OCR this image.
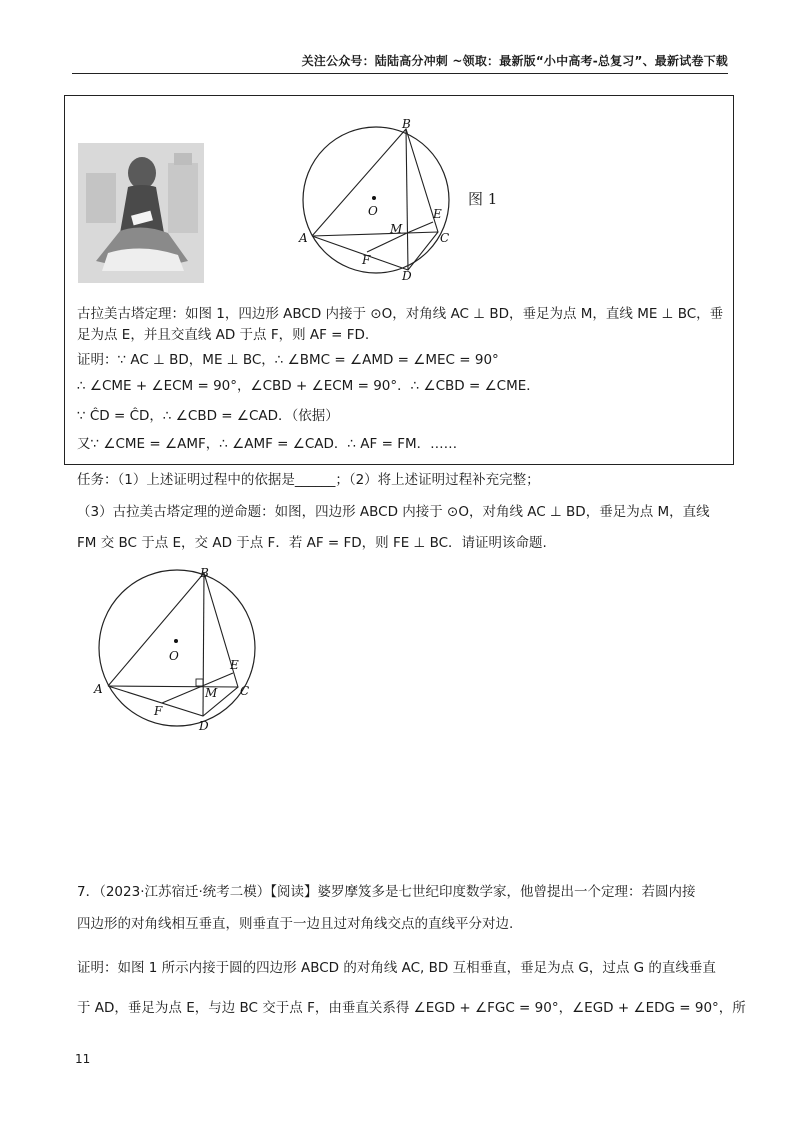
关注公众号：陆陆高分冲刺 ~领取：最新版“小中高考-总复习”、最新试卷下载
B
O	E
M
A	C
F
D
图 1
古拉美古塔定理：如图 1，四边形 ABCD 内接于 ⊙O，对角线 AC ⊥ BD，垂足为点 M，直线 ME ⊥ BC，垂
足为点 E，并且交直线 AD 于点 F，则 AF = FD.
证明：∵ AC ⊥ BD，ME ⊥ BC，∴ ∠BMC = ∠AMD = ∠MEC = 90°
∴ ∠CME + ∠ECM = 90°，∠CBD + ∠ECM = 90°．∴ ∠CBD = ∠CME．
∵ ĈD = ĈD，∴ ∠CBD = ∠CAD．（依据）
又∵ ∠CME = ∠AMF，∴ ∠AMF = ∠CAD．∴ AF = FM．……
任务：（1）上述证明过程中的依据是______；（2）将上述证明过程补充完整；
（3）古拉美古塔定理的逆命题：如图，四边形 ABCD 内接于 ⊙O，对角线 AC ⊥ BD，垂足为点 M，直线
FM 交 BC 于点 E，交 AD 于点 F．若 AF = FD，则 FE ⊥ BC．请证明该命题.
B
O
E
M
A	C
F
D
7．（2023·江苏宿迁·统考二模）【阅读】婆罗摩笈多是七世纪印度数学家，他曾提出一个定理：若圆内接
四边形的对角线相互垂直，则垂直于一边且过对角线交点的直线平分对边.
证明：如图 1 所示内接于圆的四边形 ABCD 的对角线 AC, BD 互相垂直，垂足为点 G，过点 G 的直线垂直
于 AD，垂足为点 E，与边 BC 交于点 F，由垂直关系得 ∠EGD + ∠FGC = 90°，∠EGD + ∠EDG = 90°，所
11
